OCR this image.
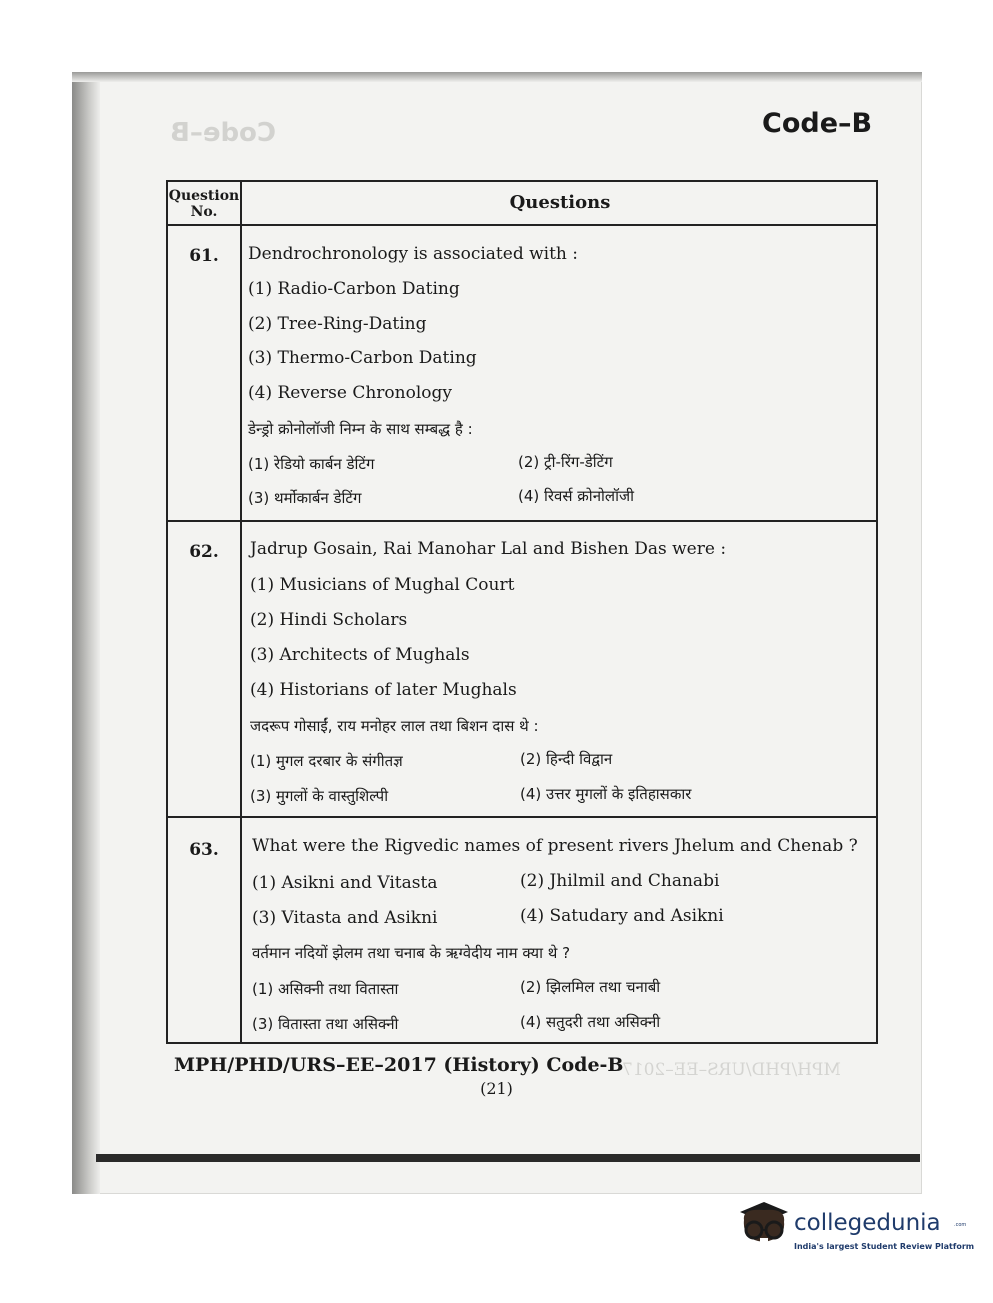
Code–B	Code–B
Question No.	Questions
61.	Dendrochronology is associated with :
(1) Radio-Carbon Dating
(2) Tree-Ring-Dating
(3) Thermo-Carbon Dating
(4) Reverse Chronology
डेन्ड्रो क्रोनोलॉजी निम्न के साथ सम्बद्ध है :
(1) रेडियो कार्बन डेटिंग	(2) ट्री-रिंग-डेटिंग
(3) थर्मोकार्बन डेटिंग	(4) रिवर्स क्रोनोलॉजी
62.	Jadrup Gosain, Rai Manohar Lal and Bishen Das were :
(1) Musicians of Mughal Court
(2) Hindi Scholars
(3) Architects of Mughals
(4) Historians of later Mughals
जदरूप गोसाईं, राय मनोहर लाल तथा बिशन दास थे :
(1) मुगल दरबार के संगीतज्ञ	(2) हिन्दी विद्वान
(3) मुगलों के वास्तुशिल्पी	(4) उत्तर मुगलों के इतिहासकार
63.	What were the Rigvedic names of present rivers Jhelum and Chenab ?
(1) Asikni and Vitasta	(2) Jhilmil and Chanabi
(3) Vitasta and Asikni	(4) Satudary and Asikni
वर्तमान नदियों झेलम तथा चनाब के ऋग्वेदीय नाम क्या थे ?
(1) असिक्नी तथा वितास्ता	(2) झिलमिल तथा चनाबी
(3) वितास्ता तथा असिक्नी	(4) सतुदरी तथा असिक्नी
MPH/PHD/URS–EE–2017 (History) Code-B
MPH/PHD/URS–EE–2017
(21)
collegedunia	.com
India's largest Student Review Platform
